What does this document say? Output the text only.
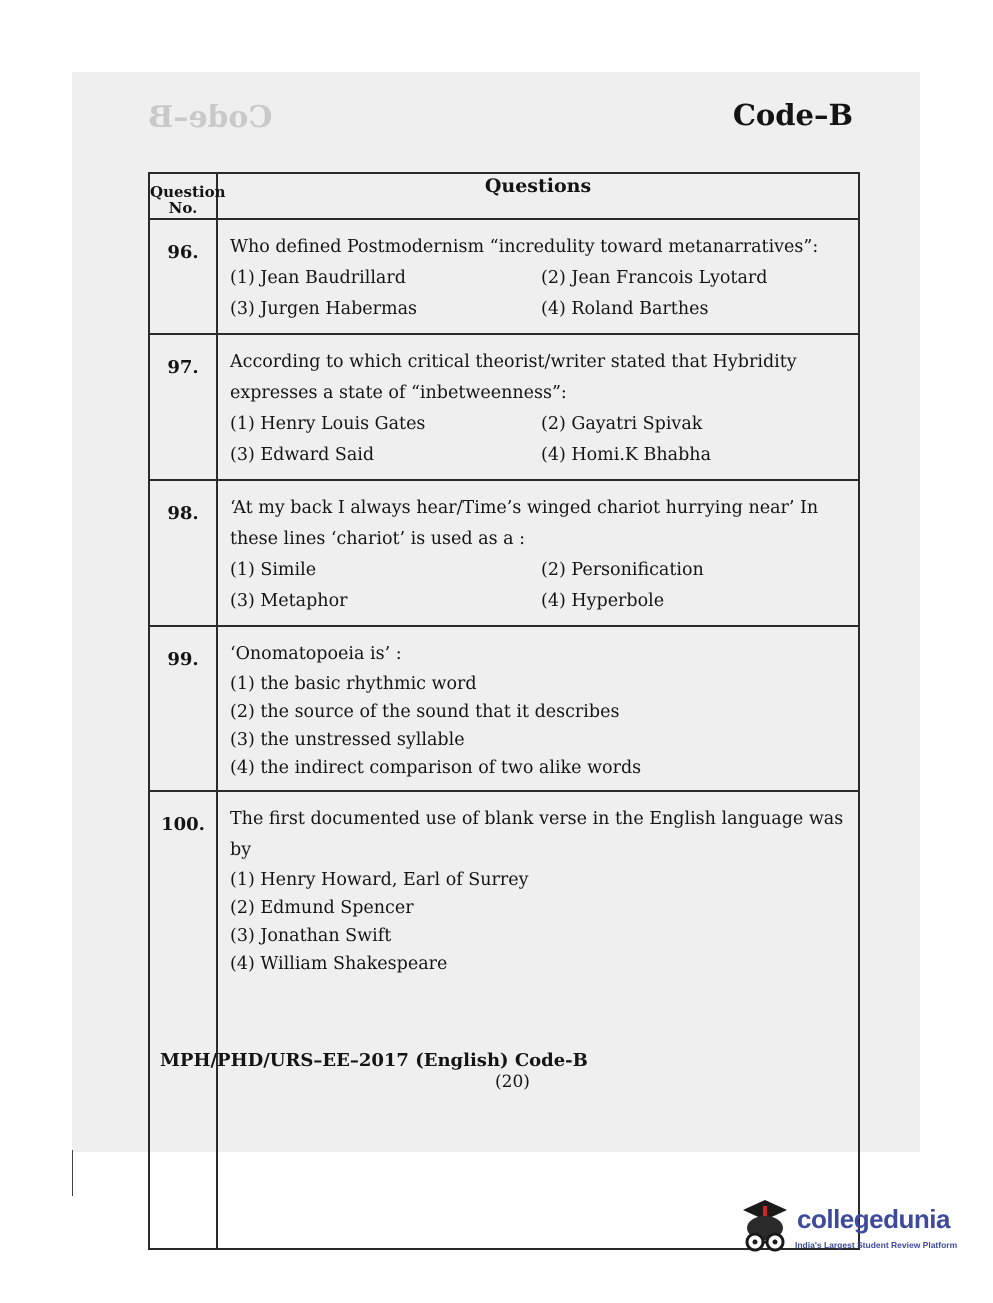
Code–B	Code–B
Question No.	Questions
96.	Who defined Postmodernism “incredulity toward metanarratives”:
(1) Jean Baudrillard (2) Jean Francois Lyotard
(3) Jurgen Habermas (4) Roland Barthes

97.	According to which critical theorist/writer stated that Hybridity expresses a state of “inbetweenness”:
(1) Henry Louis Gates (2) Gayatri Spivak
(3) Edward Said (4) Homi.K Bhabha

98.	‘At my back I always hear/Time’s winged chariot hurrying near’ In these lines ‘chariot’ is used as a :
(1) Simile (2) Personification
(3) Metaphor (4) Hyperbole

99.	‘Onomatopoeia is’ :
(1) the basic rhythmic word
(2) the source of the sound that it describes
(3) the unstressed syllable
(4) the indirect comparison of two alike words

100.	The first documented use of blank verse in the English language was by
(1) Henry Howard, Earl of Surrey
(2) Edmund Spencer
(3) Jonathan Swift
(4) William Shakespeare
MPH/PHD/URS–EE–2017 (English) Code-B
(20)
collegedunia
India's Largest Student Review Platform
